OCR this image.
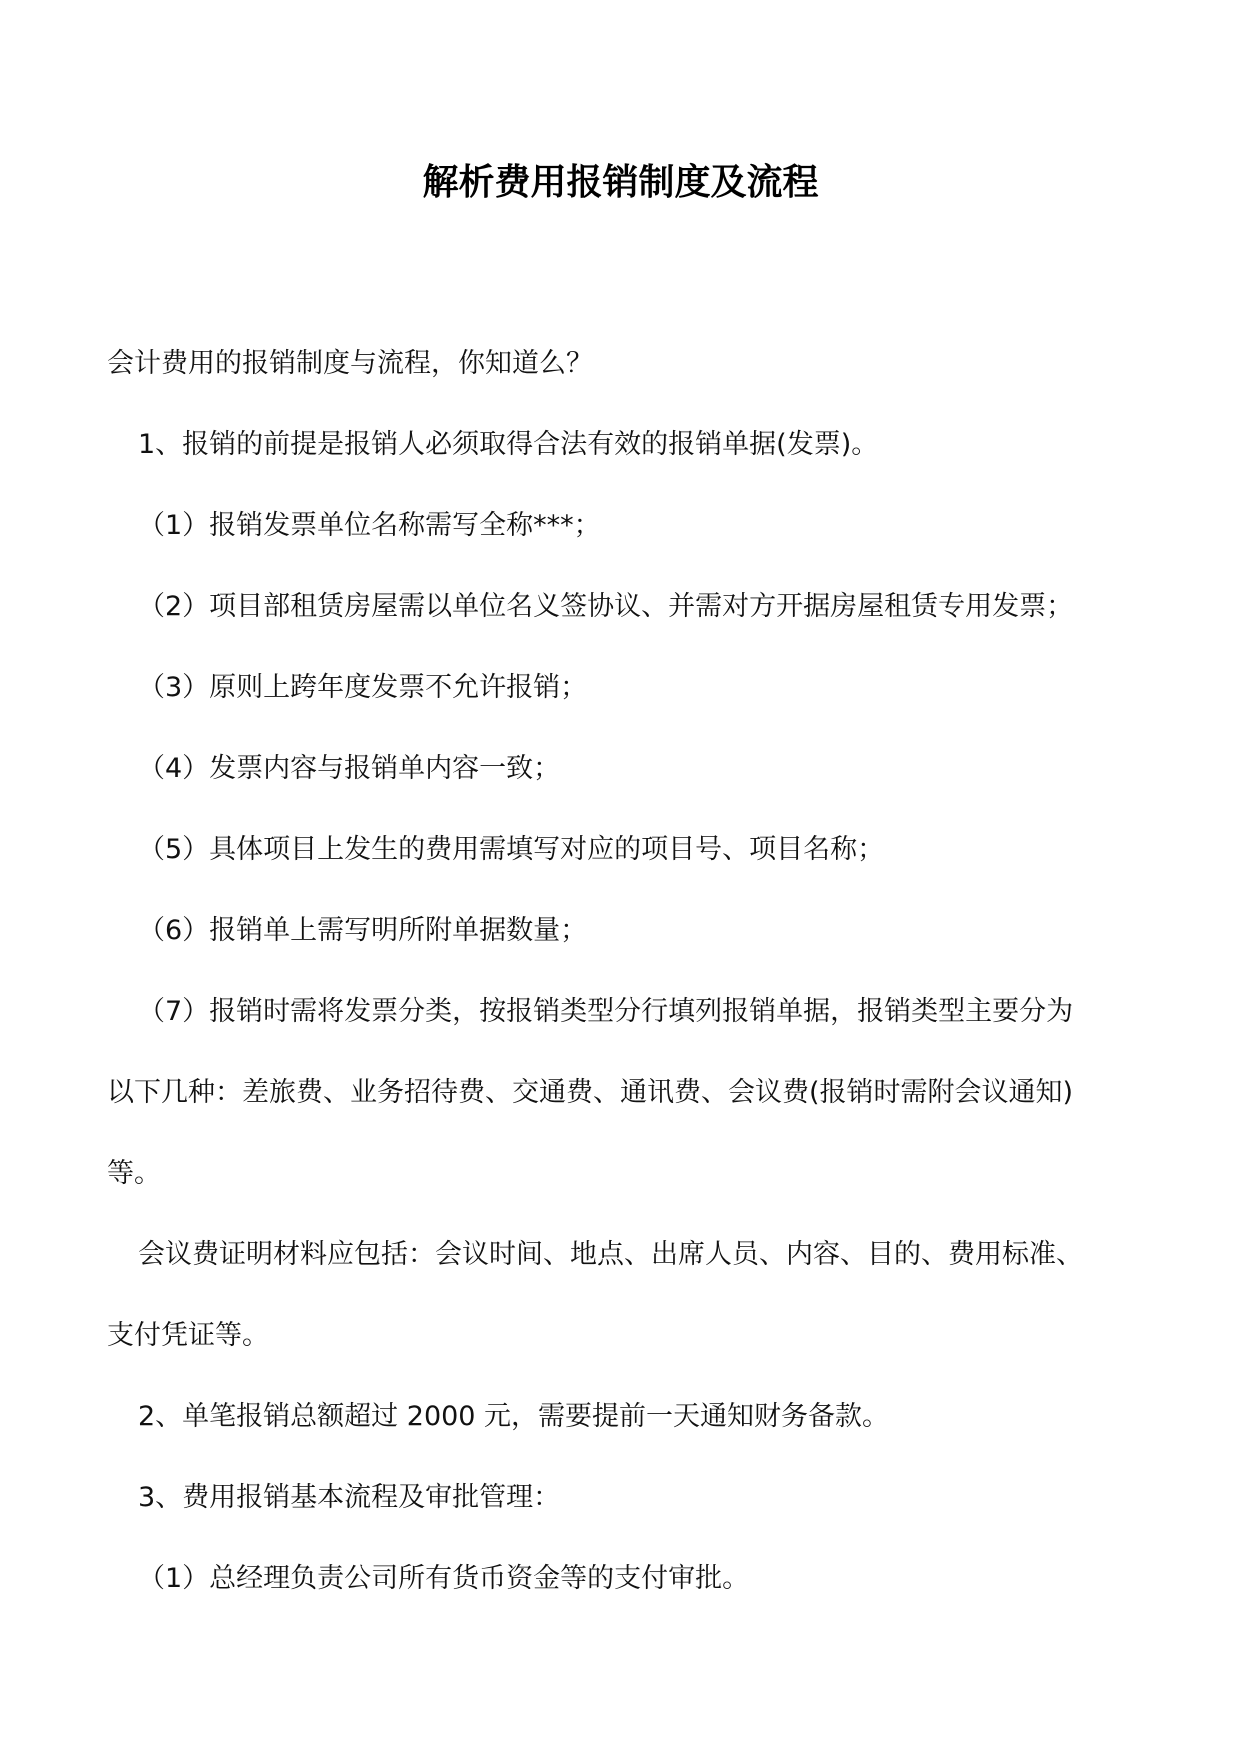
解析费用报销制度及流程
会计费用的报销制度与流程，你知道么？
1、报销的前提是报销人必须取得合法有效的报销单据(发票)。
（1）报销发票单位名称需写全称***；
（2）项目部租赁房屋需以单位名义签协议、并需对方开据房屋租赁专用发票；
（3）原则上跨年度发票不允许报销；
（4）发票内容与报销单内容一致；
（5）具体项目上发生的费用需填写对应的项目号、项目名称；
（6）报销单上需写明所附单据数量；
（7）报销时需将发票分类，按报销类型分行填列报销单据，报销类型主要分为
以下几种：差旅费、业务招待费、交通费、通讯费、会议费(报销时需附会议通知)
等。
会议费证明材料应包括：会议时间、地点、出席人员、内容、目的、费用标准、
支付凭证等。
2、单笔报销总额超过 2000 元，需要提前一天通知财务备款。
3、费用报销基本流程及审批管理：
（1）总经理负责公司所有货币资金等的支付审批。
